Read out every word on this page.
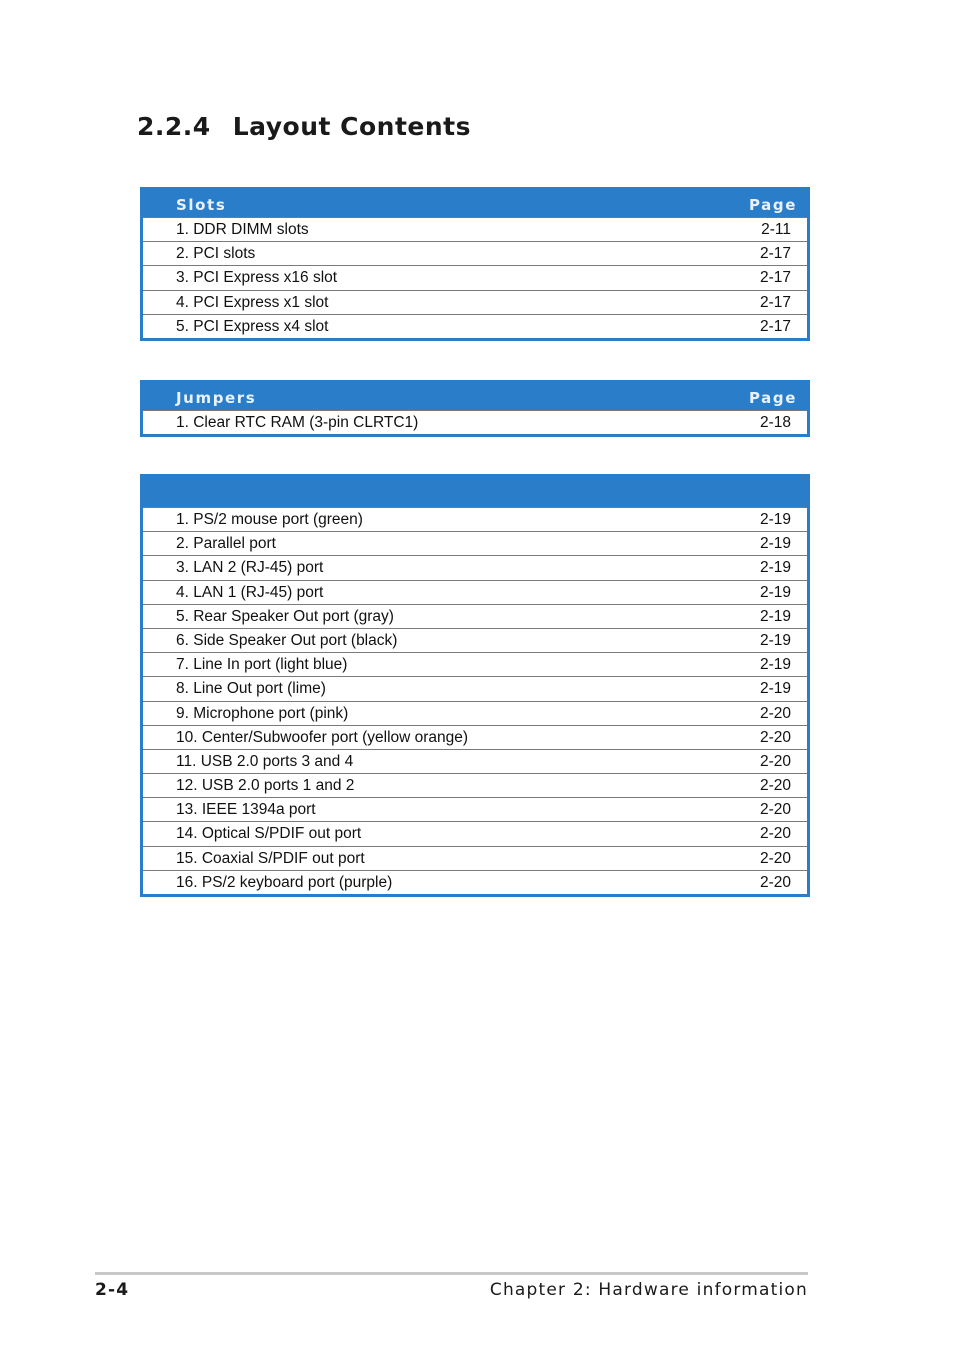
2.2.4 Layout Contents
Slots	Page
1. DDR DIMM slots	2-11
2. PCI slots	2-17
3. PCI Express x16 slot	2-17
4. PCI Express x1 slot	2-17
5. PCI Express x4 slot	2-17
Jumpers	Page
1. Clear RTC RAM (3-pin CLRTC1)	2-18
1. PS/2 mouse port (green)	2-19
2. Parallel port	2-19
3. LAN 2 (RJ-45) port	2-19
4. LAN 1 (RJ-45) port	2-19
5. Rear Speaker Out port (gray)	2-19
6. Side Speaker Out port (black)	2-19
7. Line In port (light blue)	2-19
8. Line Out port (lime)	2-19
9. Microphone port (pink)	2-20
10. Center/Subwoofer port (yellow orange)	2-20
11. USB 2.0 ports 3 and 4	2-20
12. USB 2.0 ports 1 and 2	2-20
13. IEEE 1394a port	2-20
14. Optical S/PDIF out port	2-20
15. Coaxial S/PDIF out port	2-20
16. PS/2 keyboard port (purple)	2-20
2-4	Chapter 2: Hardware information
